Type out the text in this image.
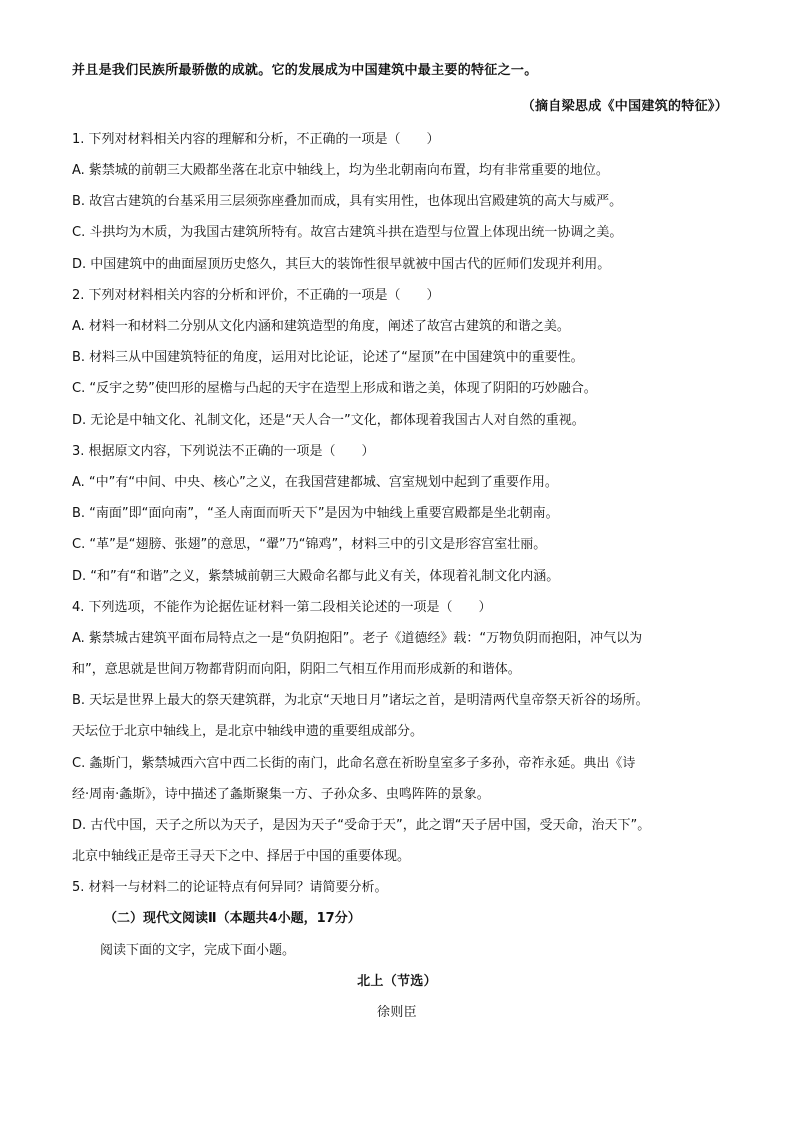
并且是我们民族所最骄傲的成就。它的发展成为中国建筑中最主要的特征之一。
（摘自梁思成《中国建筑的特征》）
1. 下列对材料相关内容的理解和分析，不正确的一项是（　　）
A. 紫禁城的前朝三大殿都坐落在北京中轴线上，均为坐北朝南向布置，均有非常重要的地位。
B. 故宫古建筑的台基采用三层须弥座叠加而成，具有实用性，也体现出宫殿建筑的高大与威严。
C. 斗拱均为木质，为我国古建筑所特有。故宫古建筑斗拱在造型与位置上体现出统一协调之美。
D. 中国建筑中的曲面屋顶历史悠久，其巨大的装饰性很早就被中国古代的匠师们发现并利用。
2. 下列对材料相关内容的分析和评价，不正确的一项是（　　）
A. 材料一和材料二分别从文化内涵和建筑造型的角度，阐述了故宫古建筑的和谐之美。
B. 材料三从中国建筑特征的角度，运用对比论证，论述了“屋顶”在中国建筑中的重要性。
C. “反宇之势”使凹形的屋檐与凸起的天宇在造型上形成和谐之美，体现了阴阳的巧妙融合。
D. 无论是中轴文化、礼制文化，还是“天人合一”文化，都体现着我国古人对自然的重视。
3. 根据原文内容，下列说法不正确的一项是（　　）
A. “中”有“中间、中央、核心”之义，在我国营建都城、宫室规划中起到了重要作用。
B. “南面”即“面向南”，“圣人南面而听天下”是因为中轴线上重要宫殿都是坐北朝南。
C. “革”是“翅膀、张翅”的意思，“翬”乃“锦鸡”，材料三中的引文是形容宫室壮丽。
D. “和”有“和谐”之义，紫禁城前朝三大殿命名都与此义有关，体现着礼制文化内涵。
4. 下列选项，不能作为论据佐证材料一第二段相关论述的一项是（　　）
A. 紫禁城古建筑平面布局特点之一是“负阴抱阳”。老子《道德经》载：“万物负阴而抱阳，冲气以为
和”，意思就是世间万物都背阴而向阳，阴阳二气相互作用而形成新的和谐体。
B. 天坛是世界上最大的祭天建筑群，为北京“天地日月”诸坛之首，是明清两代皇帝祭天祈谷的场所。
天坛位于北京中轴线上，是北京中轴线申遗的重要组成部分。
C. 螽斯门，紫禁城西六宫中西二长街的南门，此命名意在祈盼皇室多子多孙，帝祚永延。典出《诗
经·周南·螽斯》，诗中描述了螽斯聚集一方、子孙众多、虫鸣阵阵的景象。
D. 古代中国，天子之所以为天子，是因为天子“受命于天”，此之谓“天子居中国，受天命，治天下”。
北京中轴线正是帝王寻天下之中、择居于中国的重要体现。
5. 材料一与材料二的论证特点有何异同？请简要分析。
（二）现代文阅读Ⅱ（本题共4小题，17分）
阅读下面的文字，完成下面小题。
北上（节选）
徐则臣
